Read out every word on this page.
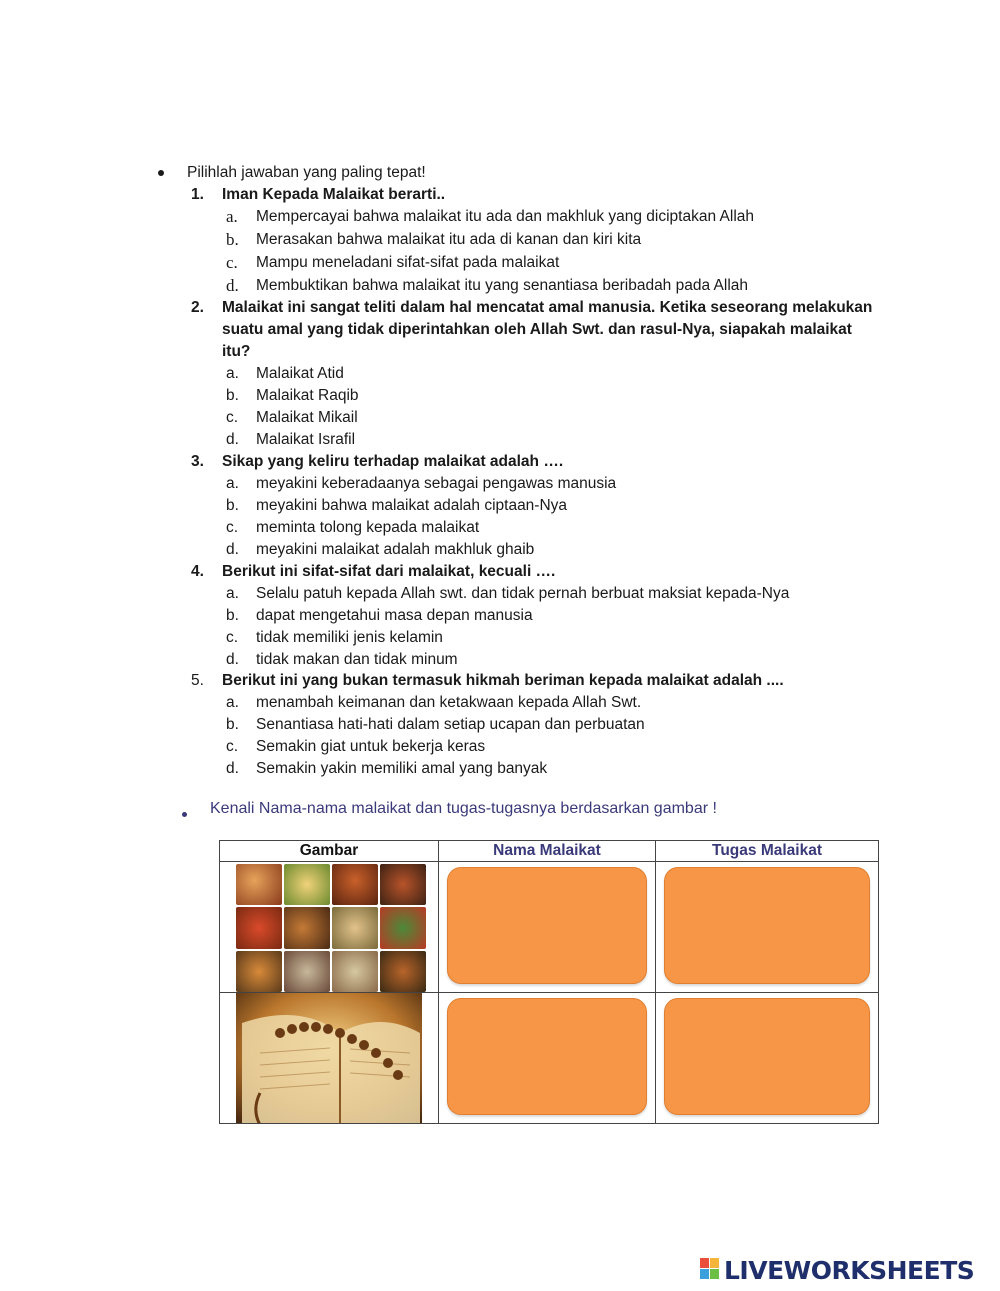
Pilihlah jawaban yang paling tepat!
1. Iman Kepada Malaikat berarti..
a. Mempercayai bahwa malaikat itu ada dan makhluk yang diciptakan Allah
b. Merasakan bahwa malaikat itu ada di kanan dan kiri kita
c. Mampu meneladani sifat-sifat pada malaikat
d. Membuktikan bahwa malaikat itu yang senantiasa beribadah pada Allah
2. Malaikat ini sangat teliti dalam hal mencatat amal manusia. Ketika seseorang melakukan suatu amal yang tidak diperintahkan oleh Allah Swt. dan rasul-Nya, siapakah malaikat itu?
a. Malaikat Atid
b. Malaikat Raqib
c. Malaikat Mikail
d. Malaikat Israfil
3. Sikap yang keliru terhadap malaikat adalah ….
a. meyakini keberadaanya sebagai pengawas manusia
b. meyakini bahwa malaikat adalah ciptaan-Nya
c. meminta tolong kepada malaikat
d. meyakini malaikat adalah makhluk ghaib
4. Berikut ini sifat-sifat dari malaikat, kecuali ….
a. Selalu patuh kepada Allah swt. dan tidak pernah berbuat maksiat kepada-Nya
b. dapat mengetahui masa depan manusia
c. tidak memiliki jenis kelamin
d. tidak makan dan tidak minum
5. Berikut ini yang bukan termasuk hikmah beriman kepada malaikat adalah ....
a. menambah keimanan dan ketakwaan kepada Allah Swt.
b. Senantiasa hati-hati dalam setiap ucapan dan perbuatan
c. Semakin giat untuk bekerja keras
d. Semakin yakin memiliki amal yang banyak
Kenali Nama-nama malaikat dan tugas-tugasnya berdasarkan gambar !
Gambar	Nama Malaikat	Tugas Malaikat

LIVEWORKSHEETS
